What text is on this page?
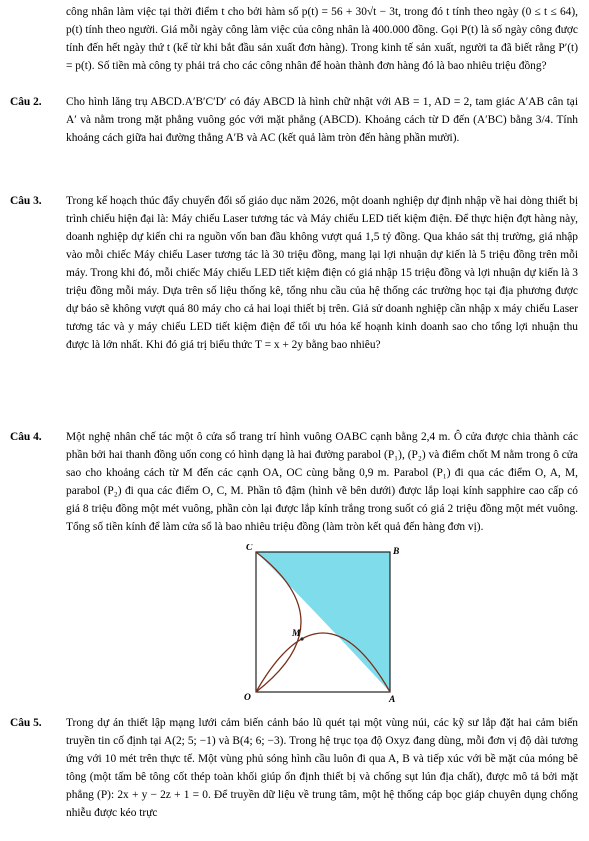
công nhân làm việc tại thời điểm t cho bởi hàm số p(t) = 56 + 30√t − 3t, trong đó t tính theo ngày (0 ≤ t ≤ 64), p(t) tính theo người. Giá mỗi ngày công làm việc của công nhân là 400.000 đồng. Gọi P(t) là số ngày công được tính đến hết ngày thứ t (kể từ khi bắt đầu sản xuất đơn hàng). Trong kinh tế sản xuất, người ta đã biết rằng P′(t) = p(t). Số tiền mà công ty phải trả cho các công nhân để hoàn thành đơn hàng đó là bao nhiêu triệu đồng?
Câu 2.	Cho hình lăng trụ ABCD.A′B′C′D′ có đáy ABCD là hình chữ nhật với AB = 1, AD = 2, tam giác A′AB cân tại A′ và nằm trong mặt phẳng vuông góc với mặt phẳng (ABCD). Khoảng cách từ D đến (A′BC) bằng 3/4. Tính khoảng cách giữa hai đường thẳng A′B và AC (kết quả làm tròn đến hàng phần mười).
Câu 3.	Trong kế hoạch thúc đẩy chuyển đổi số giáo dục năm 2026, một doanh nghiệp dự định nhập về hai dòng thiết bị trình chiếu hiện đại là: Máy chiếu Laser tương tác và Máy chiếu LED tiết kiệm điện. Để thực hiện đợt hàng này, doanh nghiệp dự kiến chi ra nguồn vốn ban đầu không vượt quá 1,5 tỷ đồng. Qua khảo sát thị trường, giá nhập vào mỗi chiếc Máy chiếu Laser tương tác là 30 triệu đồng, mang lại lợi nhuận dự kiến là 5 triệu đồng trên mỗi máy. Trong khi đó, mỗi chiếc Máy chiếu LED tiết kiệm điện có giá nhập 15 triệu đồng và lợi nhuận dự kiến là 3 triệu đồng mỗi máy. Dựa trên số liệu thống kê, tổng nhu cầu của hệ thống các trường học tại địa phương được dự báo sẽ không vượt quá 80 máy cho cả hai loại thiết bị trên. Giả sử doanh nghiệp cần nhập x máy chiếu Laser tương tác và y máy chiếu LED tiết kiệm điện để tối ưu hóa kế hoạnh kinh doanh sao cho tổng lợi nhuận thu được là lớn nhất. Khi đó giá trị biểu thức T = x + 2y bằng bao nhiêu?
Câu 4.	Một nghệ nhân chế tác một ô cửa sổ trang trí hình vuông OABC cạnh bằng 2,4 m. Ô cửa được chia thành các phần bởi hai thanh đồng uốn cong có hình dạng là hai đường parabol (P₁), (P₂) và điểm chốt M nằm trong ô cửa sao cho khoảng cách từ M đến các cạnh OA, OC cùng bằng 0,9 m. Parabol (P₁) đi qua các điểm O, A, M, parabol (P₂) đi qua các điểm O, C, M. Phần tô đậm (hình vẽ bên dưới) được lắp loại kính sapphire cao cấp có giá 8 triệu đồng một mét vuông, phần còn lại được lắp kính trắng trong suốt có giá 2 triệu đồng một mét vuông. Tổng số tiền kính để làm cửa sổ là bao nhiêu triệu đồng (làm tròn kết quả đến hàng đơn vị).
C	B
M
O	A
Câu 5.	Trong dự án thiết lập mạng lưới cảm biến cảnh báo lũ quét tại một vùng núi, các kỹ sư lắp đặt hai cảm biến truyền tin cố định tại A(2; 5; −1) và B(4; 6; −3). Trong hệ trục tọa độ Oxyz đang dùng, mỗi đơn vị độ dài tương ứng với 10 mét trên thực tế. Một vùng phủ sóng hình cầu luôn đi qua A, B và tiếp xúc với bề mặt của móng bê tông (một tấm bê tông cốt thép toàn khối giúp ổn định thiết bị và chống sụt lún địa chất), được mô tả bởi mặt phẳng (P): 2x + y − 2z + 1 = 0. Để truyền dữ liệu về trung tâm, một hệ thống cáp bọc giáp chuyên dụng chống nhiễu được kéo trực
